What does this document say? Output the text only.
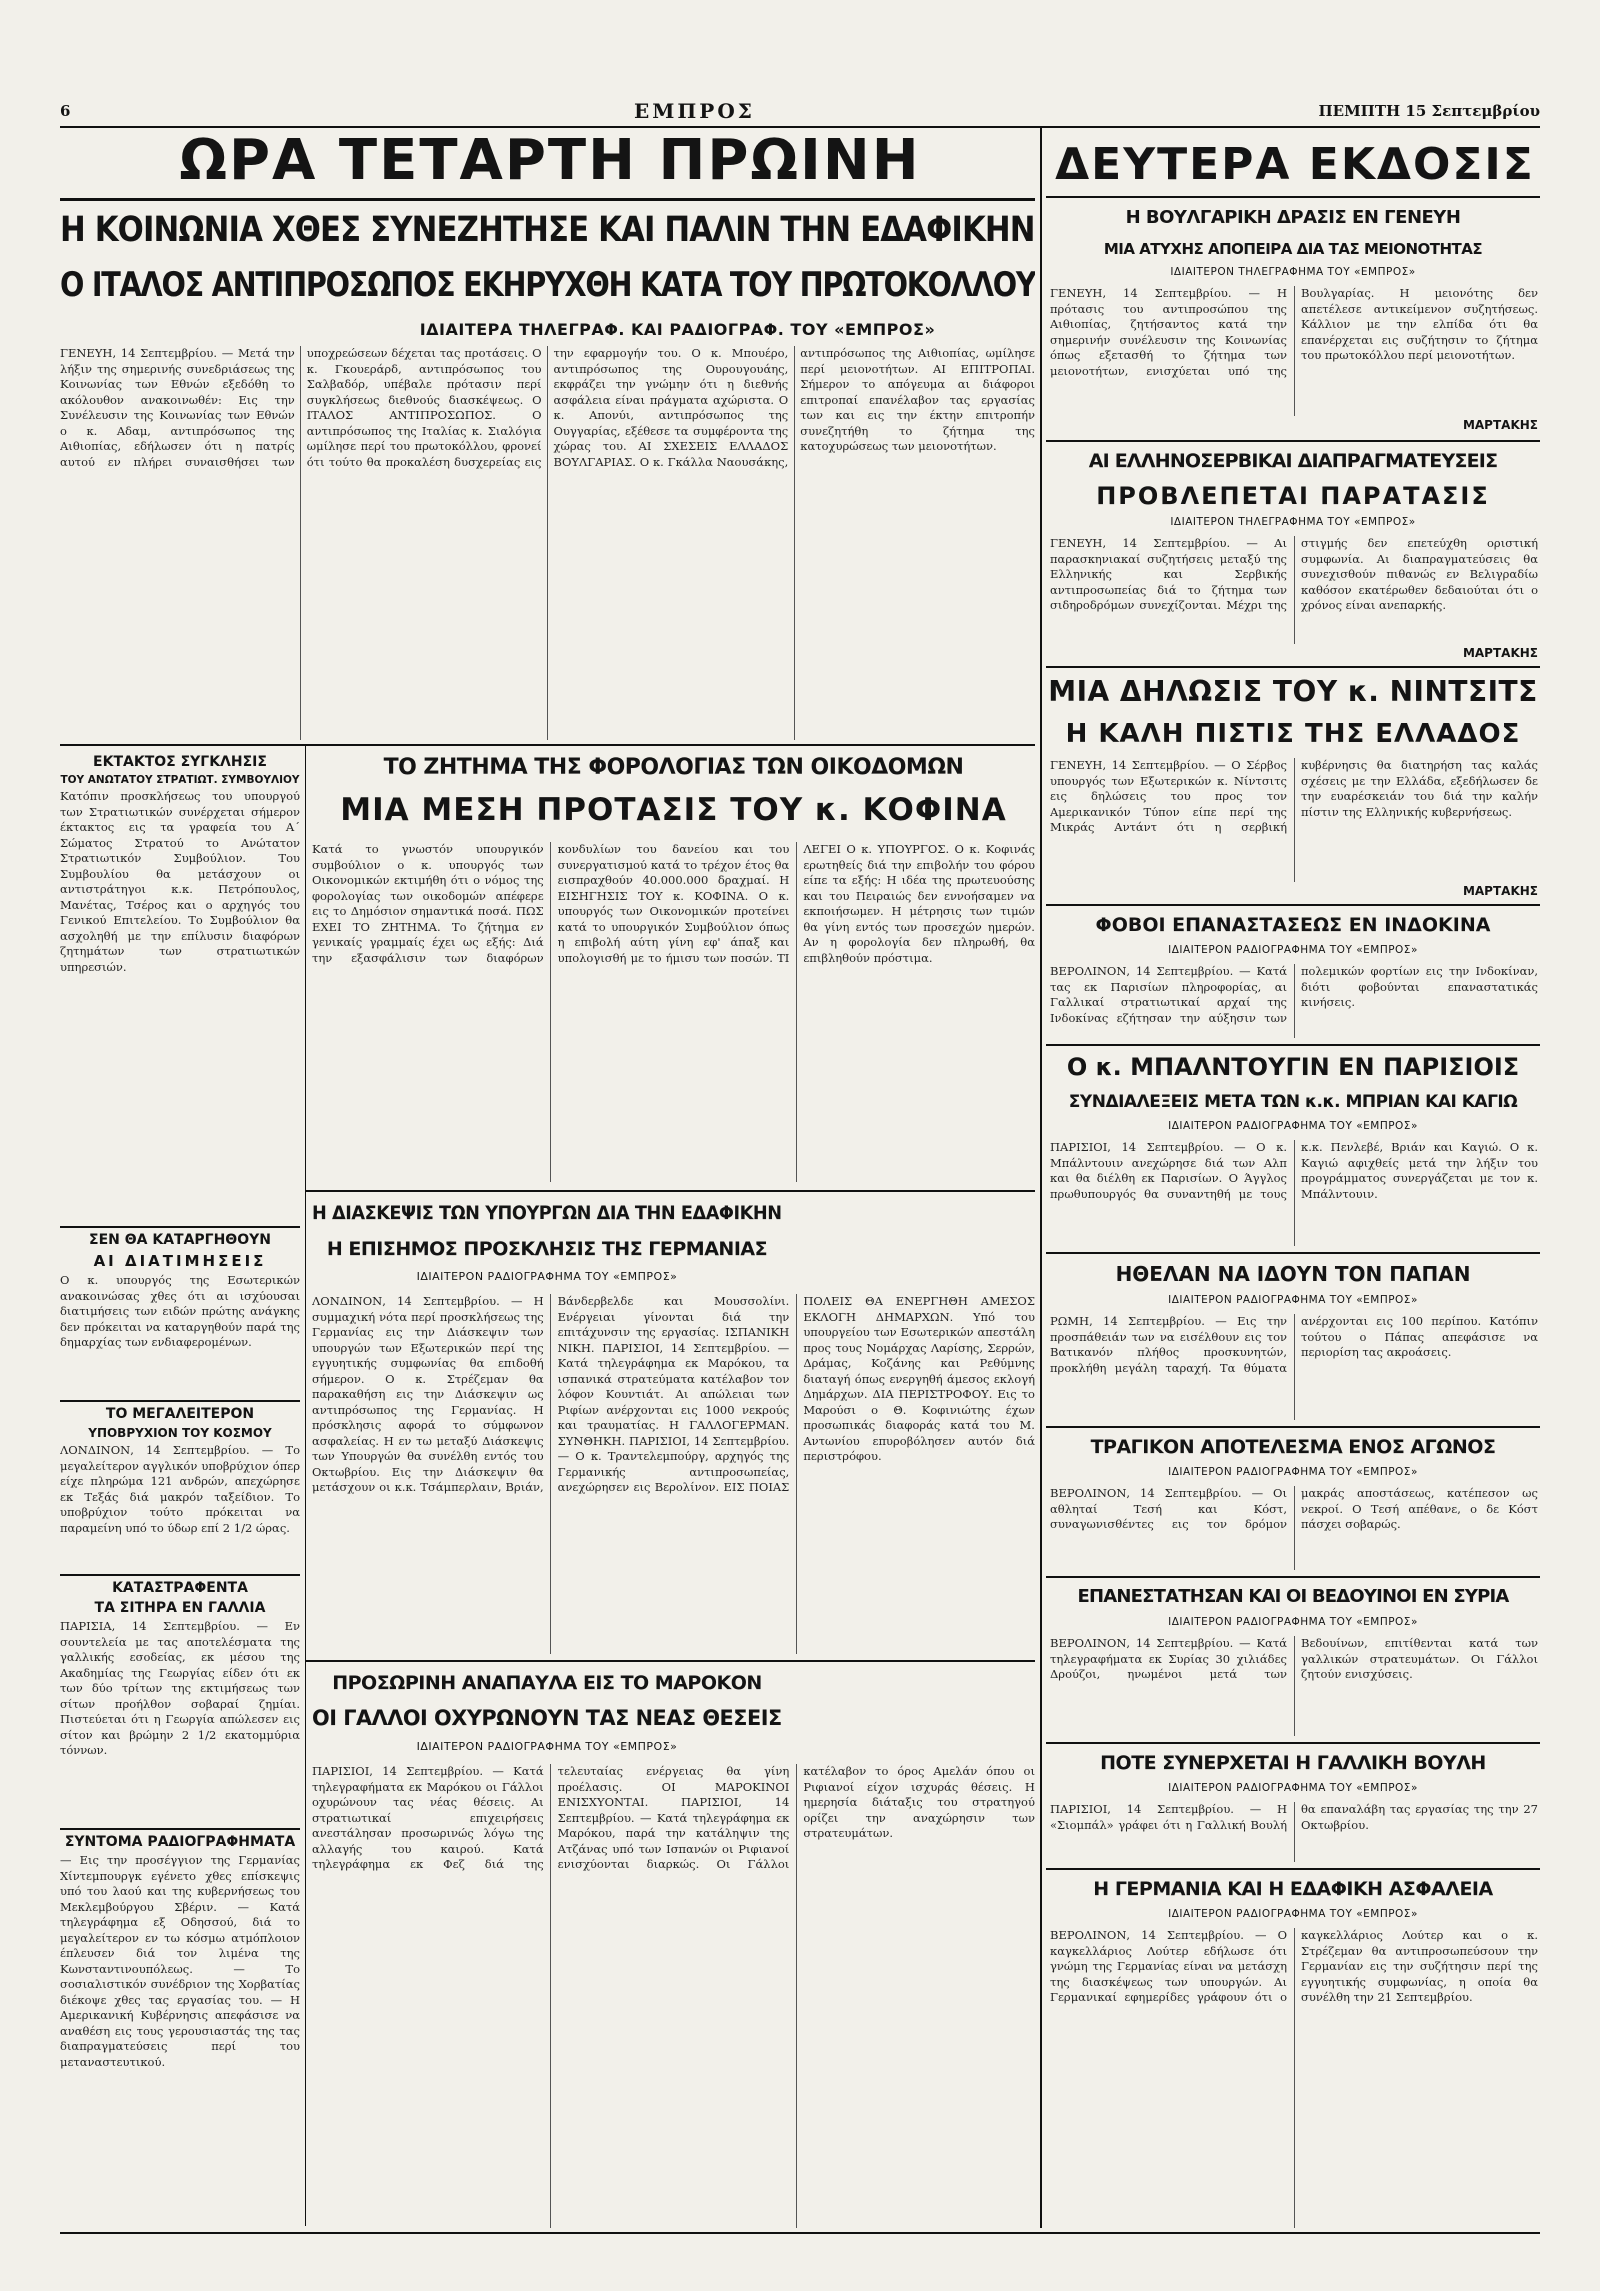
6	ΕΜΠΡΟΣ	ΠΕΜΠΤΗ 15 Σεπτεμβρίου
ΩΡΑ ΤΕΤΑΡΤΗ ΠΡΩΙΝΗ	ΔΕΥΤΕΡΑ ΕΚΔΟΣΙΣ
Η ΚΟΙΝΩΝΙΑ ΧΘΕΣ ΣΥΝΕΖΗΤΗΣΕ ΚΑΙ ΠΑΛΙΝ ΤΗΝ ΕΔΑΦΙΚΗΝ
Ο ΙΤΑΛΟΣ ΑΝΤΙΠΡΟΣΩΠΟΣ ΕΚΗΡΥΧΘΗ ΚΑΤΑ ΤΟΥ ΠΡΩΤΟΚΟΛΛΟΥ
ΙΔΙΑΙΤΕΡΑ ΤΗΛΕΓΡΑΦ. ΚΑΙ ΡΑΔΙΟΓΡΑΦ. ΤΟΥ «ΕΜΠΡΟΣ»
ΓΕΝΕΥΗ, 14 Σεπτεμβρίου. — Μετά την λήξιν της σημερινής συνεδριάσεως της Κοινωνίας των Εθνών εξεδόθη το ακόλουθον ανακοινωθέν: Εις την Συνέλευσιν της Κοινωνίας των Εθνών ο κ. Αδαμ, αντιπρόσωπος της Αιθιοπίας, εδήλωσεν ότι η πατρίς αυτού εν πλήρει συναισθήσει των υποχρεώσεων δέχεται τας προτάσεις. Ο κ. Γκουεράρδ, αντιπρόσωπος του Σαλβαδόρ, υπέβαλε πρότασιν περί συγκλήσεως διεθνούς διασκέψεως. Ο ΙΤΑΛΟΣ ΑΝΤΙΠΡΟΣΩΠΟΣ. Ο αντιπρόσωπος της Ιταλίας κ. Σιαλόγια ωμίλησε περί του πρωτοκόλλου, φρονεί ότι τούτο θα προκαλέση δυσχερείας εις την εφαρμογήν του. Ο κ. Μπουέρο, αντιπρόσωπος της Ουρουγουάης, εκφράζει την γνώμην ότι η διεθνής ασφάλεια είναι πράγματα αχώριστα. Ο κ. Απονύι, αντιπρόσωπος της Ουγγαρίας, εξέθεσε τα συμφέροντα της χώρας του. ΑΙ ΣΧΕΣΕΙΣ ΕΛΛΑΔΟΣ ΒΟΥΛΓΑΡΙΑΣ. Ο κ. Γκάλλα Ναουσάκης, αντιπρόσωπος της Αιθιοπίας, ωμίλησε περί μειονοτήτων. ΑΙ ΕΠΙΤΡΟΠΑΙ. Σήμερον το απόγευμα αι διάφοροι επιτροπαί επανέλαβον τας εργασίας των και εις την έκτην επιτροπήν συνεζητήθη το ζήτημα της κατοχυρώσεως των μειονοτήτων.
ΕΚΤΑΚΤΟΣ ΣΥΓΚΛΗΣΙΣ
ΤΟΥ ΑΝΩΤΑΤΟΥ ΣΤΡΑΤΙΩΤ. ΣΥΜΒΟΥΛΙΟΥ
Κατόπιν προσκλήσεως του υπουργού των Στρατιωτικών συνέρχεται σήμερον έκτακτος εις τα γραφεία του Α΄ Σώματος Στρατού το Ανώτατον Στρατιωτικόν Συμβούλιον. Του Συμβουλίου θα μετάσχουν οι αντιστράτηγοι κ.κ. Πετρόπουλος, Μανέτας, Τσέρος και ο αρχηγός του Γενικού Επιτελείου. Το Συμβούλιον θα ασχοληθή με την επίλυσιν διαφόρων ζητημάτων των στρατιωτικών υπηρεσιών.
ΣΕΝ ΘΑ ΚΑΤΑΡΓΗΘΟΥΝ
ΑΙ ΔΙΑΤΙΜΗΣΕΙΣ
Ο κ. υπουργός της Εσωτερικών ανακοινώσας χθες ότι αι ισχύουσαι διατιμήσεις των ειδών πρώτης ανάγκης δεν πρόκειται να καταργηθούν παρά της δημαρχίας των ενδιαφερομένων.
ΤΟ ΜΕΓΑΛΕΙΤΕΡΟΝ
ΥΠΟΒΡΥΧΙΟΝ ΤΟΥ ΚΟΣΜΟΥ
ΛΟΝΔΙΝΟΝ, 14 Σεπτεμβρίου. — Το μεγαλείτερον αγγλικόν υποβρύχιον όπερ είχε πληρώμα 121 ανδρών, απεχώρησε εκ Τεξάς διά μακρόν ταξείδιον. Το υποβρύχιον τούτο πρόκειται να παραμείνη υπό το ύδωρ επί 2 1/2 ώρας.
ΚΑΤΑΣΤΡΑΦΕΝΤΑ
ΤΑ ΣΙΤΗΡΑ ΕΝ ΓΑΛΛΙΑ
ΠΑΡΙΣΙΑ, 14 Σεπτεμβρίου. — Εν σουντελεία με τας αποτελέσματα της γαλλικής εσοδείας, εκ μέσου της Ακαδημίας της Γεωργίας είδεν ότι εκ των δύο τρίτων της εκτιμήσεως των σίτων προήλθον σοβαραί ζημίαι. Πιστεύεται ότι η Γεωργία απώλεσεν εις σίτον και βρώμην 2 1/2 εκατομμύρια τόννων.
ΣΥΝΤΟΜΑ ΡΑΔΙΟΓΡΑΦΗΜΑΤΑ
— Εις την προσέγγιον της Γερμανίας Χίντεμπουργκ εγένετο χθες επίσκεψις υπό του λαού και της κυβερνήσεως του Μεκλεμβούργου Σβέριν. — Κατά τηλεγράφημα εξ Οδησσού, διά το μεγαλείτερον εν τω κόσμω ατμόπλοιον έπλευσεν διά τον λιμένα της Κωνσταντινουπόλεως. — Το σοσιαλιστικόν συνέδριον της Χορβατίας διέκοψε χθες τας εργασίας του. — Η Αμερικανική Κυβέρνησις απεφάσισε να αναθέση εις τους γερουσιαστάς της τας διαπραγματεύσεις περί του μεταναστευτικού.
ΤΟ ΖΗΤΗΜΑ ΤΗΣ ΦΟΡΟΛΟΓΙΑΣ ΤΩΝ ΟΙΚΟΔΟΜΩΝ
ΜΙΑ ΜΕΣΗ ΠΡΟΤΑΣΙΣ ΤΟΥ κ. ΚΟΦΙΝΑ
Κατά το γνωστόν υπουργικόν συμβούλιον ο κ. υπουργός των Οικονομικών εκτιμήθη ότι ο νόμος της φορολογίας των οικοδομών απέφερε εις το Δημόσιον σημαντικά ποσά. ΠΩΣ ΕΧΕΙ ΤΟ ΖΗΤΗΜΑ. Το ζήτημα εν γενικαίς γραμμαίς έχει ως εξής: Διά την εξασφάλισιν των διαφόρων κονδυλίων του δανείου και του συνεργατισμού κατά το τρέχον έτος θα εισπραχθούν 40.000.000 δραχμαί. Η ΕΙΣΗΓΗΣΙΣ ΤΟΥ κ. ΚΟΦΙΝΑ. Ο κ. υπουργός των Οικονομικών προτείνει κατά το υπουργικόν Συμβούλιον όπως η επιβολή αύτη γίνη εφ' άπαξ και υπολογισθή με το ήμισυ των ποσών. ΤΙ ΛΕΓΕΙ Ο κ. ΥΠΟΥΡΓΟΣ. Ο κ. Κοφινάς ερωτηθείς διά την επιβολήν του φόρου είπε τα εξής: Η ιδέα της πρωτευούσης και του Πειραιώς δεν εννοήσαμεν να εκποιήσωμεν. Η μέτρησις των τιμών θα γίνη εντός των προσεχών ημερών. Αν η φορολογία δεν πληρωθή, θα επιβληθούν πρόστιμα.
Η ΔΙΑΣΚΕΨΙΣ ΤΩΝ ΥΠΟΥΡΓΩΝ ΔΙΑ ΤΗΝ ΕΔΑΦΙΚΗΝ
Η ΕΠΙΣΗΜΟΣ ΠΡΟΣΚΛΗΣΙΣ ΤΗΣ ΓΕΡΜΑΝΙΑΣ
ΙΔΙΑΙΤΕΡΟΝ ΡΑΔΙΟΓΡΑΦΗΜΑ ΤΟΥ «ΕΜΠΡΟΣ»
ΛΟΝΔΙΝΟΝ, 14 Σεπτεμβρίου. — Η συμμαχική νότα περί προσκλήσεως της Γερμανίας εις την Διάσκεψιν των υπουργών των Εξωτερικών περί της εγγυητικής συμφωνίας θα επιδοθή σήμερον. Ο κ. Στρέζεμαν θα παρακαθήση εις την Διάσκεψιν ως αντιπρόσωπος της Γερμανίας. Η πρόσκλησις αφορά το σύμφωνον ασφαλείας. Η εν τω μεταξύ Διάσκεψις των Υπουργών θα συνέλθη εντός του Οκτωβρίου. Εις την Διάσκεψιν θα μετάσχουν οι κ.κ. Τσάμπερλαιν, Βριάν, Βάνδερβελδε και Μουσσολίνι. Ενέργειαι γίνονται διά την επιτάχυνσιν της εργασίας. ΙΣΠΑΝΙΚΗ ΝΙΚΗ. ΠΑΡΙΣΙΟΙ, 14 Σεπτεμβρίου. — Κατά τηλεγράφημα εκ Μαρόκου, τα ισπανικά στρατεύματα κατέλαβον τον λόφον Κουντιάτ. Αι απώλειαι των Ριφίων ανέρχονται εις 1000 νεκρούς και τραυματίας. Η ΓΑΛΛΟΓΕΡΜΑΝ. ΣΥΝΘΗΚΗ. ΠΑΡΙΣΙΟΙ, 14 Σεπτεμβρίου. — Ο κ. Τραντελεμπούργ, αρχηγός της Γερμανικής αντιπροσωπείας, ανεχώρησεν εις Βερολίνον. ΕΙΣ ΠΟΙΑΣ ΠΟΛΕΙΣ ΘΑ ΕΝΕΡΓΗΘΗ ΑΜΕΣΟΣ ΕΚΛΟΓΗ ΔΗΜΑΡΧΩΝ. Υπό του υπουργείου των Εσωτερικών απεστάλη προς τους Νομάρχας Λαρίσης, Σερρών, Δράμας, Κοζάνης και Ρεθύμνης διαταγή όπως ενεργηθή άμεσος εκλογή Δημάρχων. ΔΙΑ ΠΕΡΙΣΤΡΟΦΟΥ. Εις το Μαρούσι ο Θ. Κοφινιώτης έχων προσωπικάς διαφοράς κατά του Μ. Αντωνίου επυροβόλησεν αυτόν διά περιστρόφου.
ΠΡΟΣΩΡΙΝΗ ΑΝΑΠΑΥΛΑ ΕΙΣ ΤΟ ΜΑΡΟΚΟΝ
ΟΙ ΓΑΛΛΟΙ ΟΧΥΡΩΝΟΥΝ ΤΑΣ ΝΕΑΣ ΘΕΣΕΙΣ
ΙΔΙΑΙΤΕΡΟΝ ΡΑΔΙΟΓΡΑΦΗΜΑ ΤΟΥ «ΕΜΠΡΟΣ»
ΠΑΡΙΣΙΟΙ, 14 Σεπτεμβρίου. — Κατά τηλεγραφήματα εκ Μαρόκου οι Γάλλοι οχυρώνουν τας νέας θέσεις. Αι στρατιωτικαί επιχειρήσεις ανεστάλησαν προσωρινώς λόγω της αλλαγής του καιρού. Κατά τηλεγράφημα εκ Φεζ διά της τελευταίας ενέργειας θα γίνη προέλασις. ΟΙ ΜΑΡΟΚΙΝΟΙ ΕΝΙΣΧΥΟΝΤΑΙ. ΠΑΡΙΣΙΟΙ, 14 Σεπτεμβρίου. — Κατά τηλεγράφημα εκ Μαρόκου, παρά την κατάληψιν της Ατζάνας υπό των Ισπανών οι Ριφιανοί ενισχύονται διαρκώς. Οι Γάλλοι κατέλαβον το όρος Αμελάν όπου οι Ριφιανοί είχον ισχυράς θέσεις. Η ημερησία διάταξις του στρατηγού ορίζει την αναχώρησιν των στρατευμάτων.
Η ΒΟΥΛΓΑΡΙΚΗ ΔΡΑΣΙΣ ΕΝ ΓΕΝΕΥΗ
ΜΙΑ ΑΤΥΧΗΣ ΑΠΟΠΕΙΡΑ ΔΙΑ ΤΑΣ ΜΕΙΟΝΟΤΗΤΑΣ
ΙΔΙΑΙΤΕΡΟΝ ΤΗΛΕΓΡΑΦΗΜΑ ΤΟΥ «ΕΜΠΡΟΣ»
ΓΕΝΕΥΗ, 14 Σεπτεμβρίου. — Η πρότασις του αντιπροσώπου της Αιθιοπίας, ζητήσαντος κατά την σημερινήν συνέλευσιν της Κοινωνίας όπως εξετασθή το ζήτημα των μειονοτήτων, ενισχύεται υπό της Βουλγαρίας. Η μειονότης δεν απετέλεσε αντικείμενον συζητήσεως. Κάλλιον με την ελπίδα ότι θα επανέρχεται εις συζήτησιν το ζήτημα του πρωτοκόλλου περί μειονοτήτων.
ΜΑΡΤΑΚΗΣ
ΑΙ ΕΛΛΗΝΟΣΕΡΒΙΚΑΙ ΔΙΑΠΡΑΓΜΑΤΕΥΣΕΙΣ
ΠΡΟΒΛΕΠΕΤΑΙ ΠΑΡΑΤΑΣΙΣ
ΙΔΙΑΙΤΕΡΟΝ ΤΗΛΕΓΡΑΦΗΜΑ ΤΟΥ «ΕΜΠΡΟΣ»
ΓΕΝΕΥΗ, 14 Σεπτεμβρίου. — Αι παρασκηνιακαί συζητήσεις μεταξύ της Ελληνικής και Σερβικής αντιπροσωπείας διά το ζήτημα των σιδηροδρόμων συνεχίζονται. Μέχρι της στιγμής δεν επετεύχθη οριστική συμφωνία. Αι διαπραγματεύσεις θα συνεχισθούν πιθανώς εν Βελιγραδίω καθόσον εκατέρωθεν δεδαιούται ότι ο χρόνος είναι ανεπαρκής.
ΜΑΡΤΑΚΗΣ
ΜΙΑ ΔΗΛΩΣΙΣ ΤΟΥ κ. ΝΙΝΤΣΙΤΣ
Η ΚΑΛΗ ΠΙΣΤΙΣ ΤΗΣ ΕΛΛΑΔΟΣ
ΓΕΝΕΥΗ, 14 Σεπτεμβρίου. — Ο Σέρβος υπουργός των Εξωτερικών κ. Νίντσιτς εις δηλώσεις του προς τον Αμερικανικόν Τύπον είπε περί της Μικράς Αντάντ ότι η σερβική κυβέρνησις θα διατηρήση τας καλάς σχέσεις με την Ελλάδα, εξεδήλωσεν δε την ευαρέσκειάν του διά την καλήν πίστιν της Ελληνικής κυβερνήσεως.
ΜΑΡΤΑΚΗΣ
ΦΟΒΟΙ ΕΠΑΝΑΣΤΑΣΕΩΣ ΕΝ ΙΝΔΟΚΙΝΑ
ΙΔΙΑΙΤΕΡΟΝ ΡΑΔΙΟΓΡΑΦΗΜΑ ΤΟΥ «ΕΜΠΡΟΣ»
ΒΕΡΟΛΙΝΟΝ, 14 Σεπτεμβρίου. — Κατά τας εκ Παρισίων πληροφορίας, αι Γαλλικαί στρατιωτικαί αρχαί της Ινδοκίνας εζήτησαν την αύξησιν των πολεμικών φορτίων εις την Ινδοκίναν, διότι φοβούνται επαναστατικάς κινήσεις.
Ο κ. ΜΠΑΛΝΤΟΥΓΙΝ ΕΝ ΠΑΡΙΣΙΟΙΣ
ΣΥΝΔΙΑΛΕΞΕΙΣ ΜΕΤΑ ΤΩΝ κ.κ. ΜΠΡΙΑΝ ΚΑΙ ΚΑΓΙΩ
ΙΔΙΑΙΤΕΡΟΝ ΡΑΔΙΟΓΡΑΦΗΜΑ ΤΟΥ «ΕΜΠΡΟΣ»
ΠΑΡΙΣΙΟΙ, 14 Σεπτεμβρίου. — Ο κ. Μπάλντουιν ανεχώρησε διά των Αλπ και θα διέλθη εκ Παρισίων. Ο Άγγλος πρωθυπουργός θα συναντηθή με τους κ.κ. Πενλεβέ, Βριάν και Καγιώ. Ο κ. Καγιώ αφιχθείς μετά την λήξιν του προγράμματος συνεργάζεται με τον κ. Μπάλντουιν.
ΗΘΕΛΑΝ ΝΑ ΙΔΟΥΝ ΤΟΝ ΠΑΠΑΝ
ΙΔΙΑΙΤΕΡΟΝ ΡΑΔΙΟΓΡΑΦΗΜΑ ΤΟΥ «ΕΜΠΡΟΣ»
ΡΩΜΗ, 14 Σεπτεμβρίου. — Εις την προσπάθειάν των να εισέλθουν εις τον Βατικανόν πλήθος προσκυνητών, προκλήθη μεγάλη ταραχή. Τα θύματα ανέρχονται εις 100 περίπου. Κατόπιν τούτου ο Πάπας απεφάσισε να περιορίση τας ακροάσεις.
ΤΡΑΓΙΚΟΝ ΑΠΟΤΕΛΕΣΜΑ ΕΝΟΣ ΑΓΩΝΟΣ
ΙΔΙΑΙΤΕΡΟΝ ΡΑΔΙΟΓΡΑΦΗΜΑ ΤΟΥ «ΕΜΠΡΟΣ»
ΒΕΡΟΛΙΝΟΝ, 14 Σεπτεμβρίου. — Οι αθληταί Τεσή και Κόστ, συναγωνισθέντες εις τον δρόμον μακράς αποστάσεως, κατέπεσον ως νεκροί. Ο Τεσή απέθανε, ο δε Κόστ πάσχει σοβαρώς.
ΕΠΑΝΕΣΤΑΤΗΣΑΝ ΚΑΙ ΟΙ ΒΕΔΟΥΙΝΟΙ ΕΝ ΣΥΡΙΑ
ΙΔΙΑΙΤΕΡΟΝ ΡΑΔΙΟΓΡΑΦΗΜΑ ΤΟΥ «ΕΜΠΡΟΣ»
ΒΕΡΟΛΙΝΟΝ, 14 Σεπτεμβρίου. — Κατά τηλεγραφήματα εκ Συρίας 30 χιλιάδες Δρούζοι, ηνωμένοι μετά των Βεδουίνων, επιτίθενται κατά των γαλλικών στρατευμάτων. Οι Γάλλοι ζητούν ενισχύσεις.
ΠΟΤΕ ΣΥΝΕΡΧΕΤΑΙ Η ΓΑΛΛΙΚΗ ΒΟΥΛΗ
ΙΔΙΑΙΤΕΡΟΝ ΡΑΔΙΟΓΡΑΦΗΜΑ ΤΟΥ «ΕΜΠΡΟΣ»
ΠΑΡΙΣΙΟΙ, 14 Σεπτεμβρίου. — Η «Σιομπάλ» γράφει ότι η Γαλλική Βουλή θα επαναλάβη τας εργασίας της την 27 Οκτωβρίου.
Η ΓΕΡΜΑΝΙΑ ΚΑΙ Η ΕΔΑΦΙΚΗ ΑΣΦΑΛΕΙΑ
ΙΔΙΑΙΤΕΡΟΝ ΡΑΔΙΟΓΡΑΦΗΜΑ ΤΟΥ «ΕΜΠΡΟΣ»
ΒΕΡΟΛΙΝΟΝ, 14 Σεπτεμβρίου. — Ο καγκελλάριος Λούτερ εδήλωσε ότι γνώμη της Γερμανίας είναι να μετάσχη της διασκέψεως των υπουργών. Αι Γερμανικαί εφημερίδες γράφουν ότι ο καγκελλάριος Λούτερ και ο κ. Στρέζεμαν θα αντιπροσωπεύσουν την Γερμανίαν εις την συζήτησιν περί της εγγυητικής συμφωνίας, η οποία θα συνέλθη την 21 Σεπτεμβρίου.
